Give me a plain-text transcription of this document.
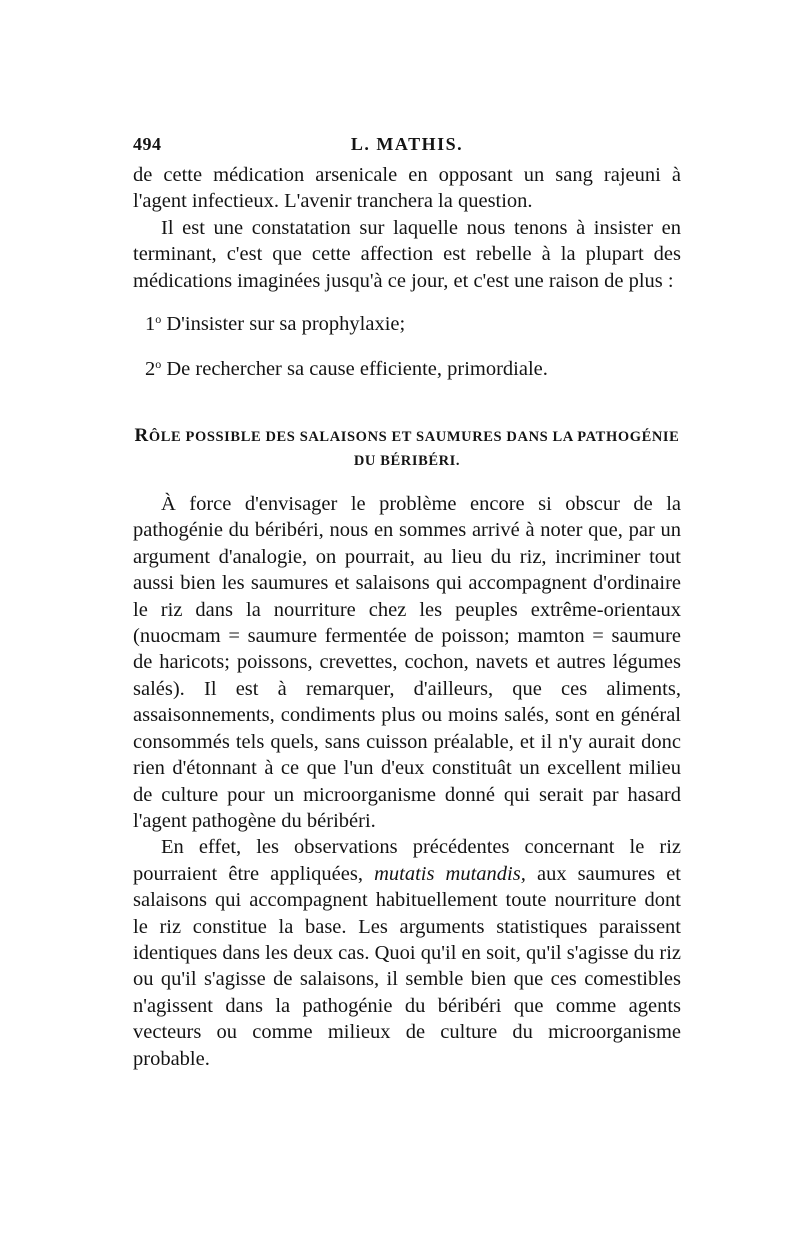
494	L. MATHIS.

de cette médication arsenicale en opposant un sang rajeuni à l'agent infectieux. L'avenir tranchera la question.

Il est une constatation sur laquelle nous tenons à insister en terminant, c'est que cette affection est rebelle à la plupart des médications imaginées jusqu'à ce jour, et c'est une raison de plus :

1$^o$ D'insister sur sa prophylaxie;
2$^o$ De rechercher sa cause efficiente, primordiale.
RÔLE POSSIBLE DES SALAISONS ET SAUMURES DANS LA PATHOGÉNIE
DU BÉRIBÉRI.

À force d'envisager le problème encore si obscur de la pathogénie du béribéri, nous en sommes arrivé à noter que, par un argument d'analogie, on pourrait, au lieu du riz, incriminer tout aussi bien les saumures et salaisons qui accompagnent d'ordinaire le riz dans la nourriture chez les peuples extrême-orientaux (nuocmam = saumure fermentée de poisson; mamton = saumure de haricots; poissons, crevettes, cochon, navets et autres légumes salés). Il est à remarquer, d'ailleurs, que ces aliments, assaisonnements, condiments plus ou moins salés, sont en général consommés tels quels, sans cuisson préalable, et il n'y aurait donc rien d'étonnant à ce que l'un d'eux constituât un excellent milieu de culture pour un microorganisme donné qui serait par hasard l'agent pathogène du béribéri.

En effet, les observations précédentes concernant le riz pourraient être appliquées, mutatis mutandis, aux saumures et salaisons qui accompagnent habituellement toute nourriture dont le riz constitue la base. Les arguments statistiques paraissent identiques dans les deux cas. Quoi qu'il en soit, qu'il s'agisse du riz ou qu'il s'agisse de salaisons, il semble bien que ces comestibles n'agissent dans la pathogénie du béribéri que comme agents vecteurs ou comme milieux de culture du microorganisme probable.
